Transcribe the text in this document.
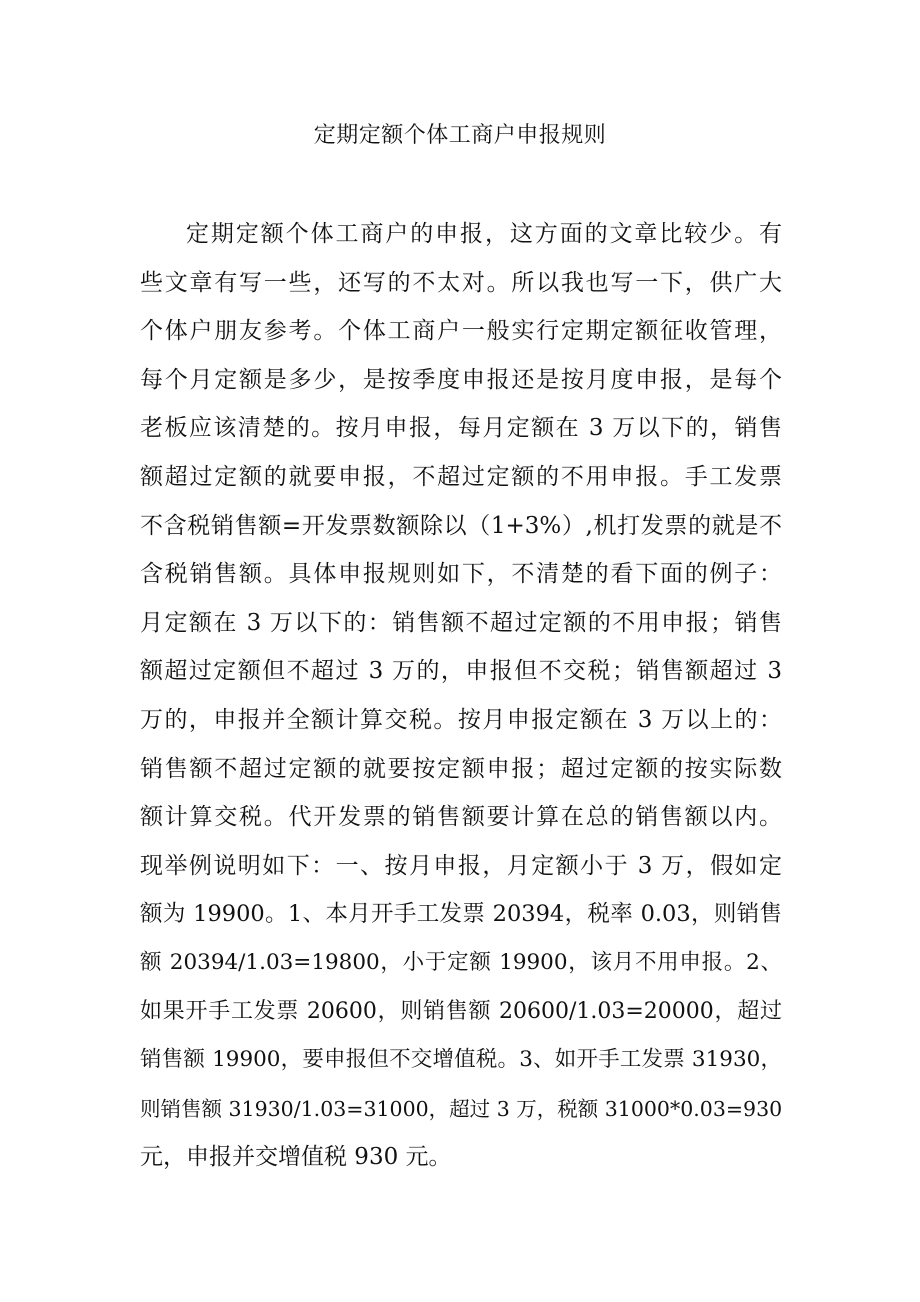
定期定额个体工商户申报规则
定期定额个体工商户的申报，这方面的文章比较少。有
些文章有写一些，还写的不太对。所以我也写一下，供广大
个体户朋友参考。个体工商户一般实行定期定额征收管理，
每个月定额是多少，是按季度申报还是按月度申报，是每个
老板应该清楚的。按月申报，每月定额在 3 万以下的，销售
额超过定额的就要申报，不超过定额的不用申报。手工发票
不含税销售额=开发票数额除以（1+3%）,机打发票的就是不
含税销售额。具体申报规则如下，不清楚的看下面的例子：
月定额在 3 万以下的：销售额不超过定额的不用申报；销售
额超过定额但不超过 3 万的，申报但不交税；销售额超过 3
万的，申报并全额计算交税。按月申报定额在 3 万以上的：
销售额不超过定额的就要按定额申报；超过定额的按实际数
额计算交税。代开发票的销售额要计算在总的销售额以内。
现举例说明如下：一、按月申报，月定额小于 3 万，假如定
额为 19900。1、本月开手工发票 20394，税率 0.03，则销售
额 20394/1.03=19800，小于定额 19900，该月不用申报。2、
如果开手工发票 20600，则销售额 20600/1.03=20000，超过
销售额 19900，要申报但不交增值税。3、如开手工发票 31930，
则销售额 31930/1.03=31000，超过 3 万，税额 31000*0.03=930
元，申报并交增值税 930 元。
